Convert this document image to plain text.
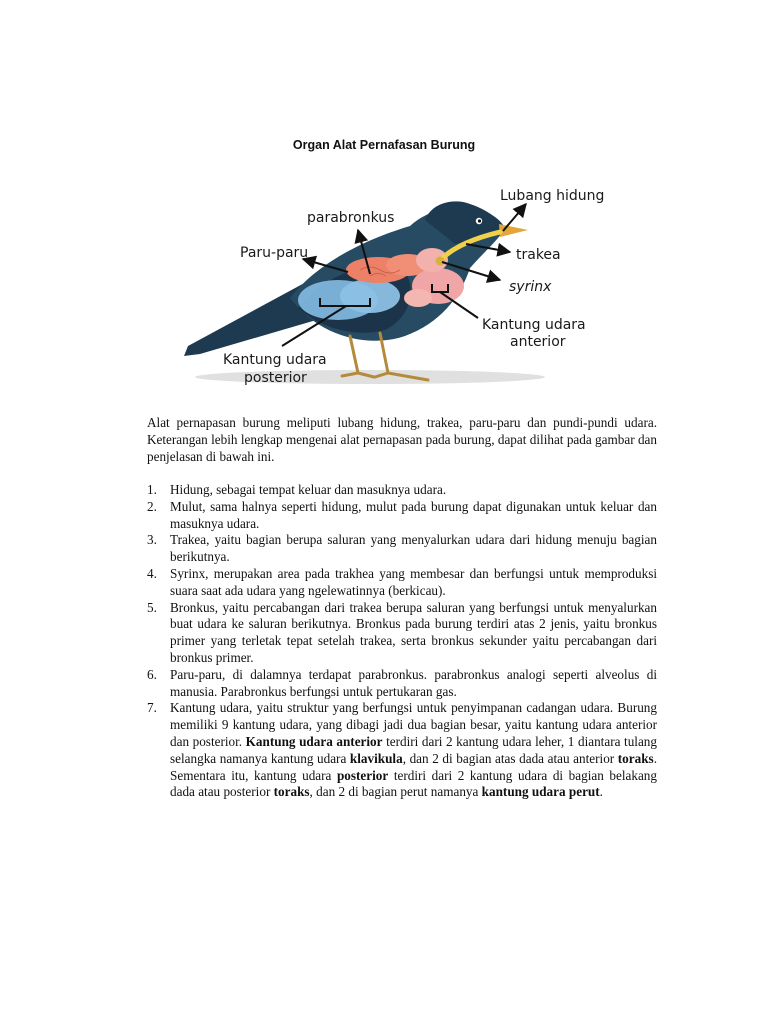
Organ Alat Pernafasan Burung
Lubang hidung
parabronkus
Paru-paru	trakea
syrinx
Kantung udara
anterior
Kantung udara
posterior

Alat pernapasan burung meliputi lubang hidung, trakea, paru-paru dan pundi-pundi udara. Keterangan lebih lengkap mengenai alat pernapasan pada burung, dapat dilihat pada gambar dan penjelasan di bawah ini.

1. Hidung, sebagai tempat keluar dan masuknya udara.
2. Mulut, sama halnya seperti hidung, mulut pada burung dapat digunakan untuk keluar dan masuknya udara.
3. Trakea, yaitu bagian berupa saluran yang menyalurkan udara dari hidung menuju bagian berikutnya.
4. Syrinx, merupakan area pada trakhea yang membesar dan berfungsi untuk memproduksi suara saat ada udara yang ngelewatinnya (berkicau).
5. Bronkus, yaitu percabangan dari trakea berupa saluran yang berfungsi untuk menyalurkan buat udara ke saluran berikutnya. Bronkus pada burung terdiri atas 2 jenis, yaitu bronkus primer yang terletak tepat setelah trakea, serta bronkus sekunder yaitu percabangan dari bronkus primer.
6. Paru-paru, di dalamnya terdapat parabronkus. parabronkus analogi seperti alveolus di manusia. Parabronkus berfungsi untuk pertukaran gas.
7. Kantung udara, yaitu struktur yang berfungsi untuk penyimpanan cadangan udara. Burung memiliki 9 kantung udara, yang dibagi jadi dua bagian besar, yaitu kantung udara anterior dan posterior. Kantung udara anterior terdiri dari 2 kantung udara leher, 1 diantara tulang selangka namanya kantung udara klavikula, dan 2 di bagian atas dada atau anterior toraks. Sementara itu, kantung udara posterior terdiri dari 2 kantung udara di bagian belakang dada atau posterior toraks, dan 2 di bagian perut namanya kantung udara perut.
